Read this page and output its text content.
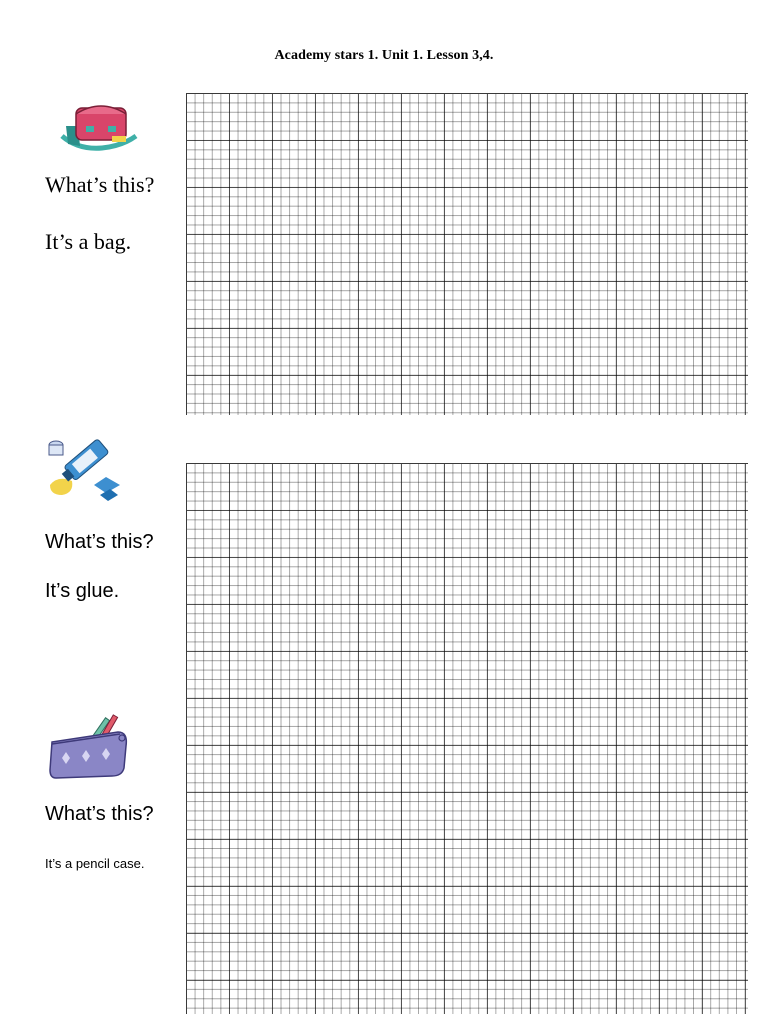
Academy stars 1. Unit 1. Lesson 3,4.
What’s this?
It’s a bag.
What’s this?
It’s glue.
What’s this?
It’s a pencil case.
